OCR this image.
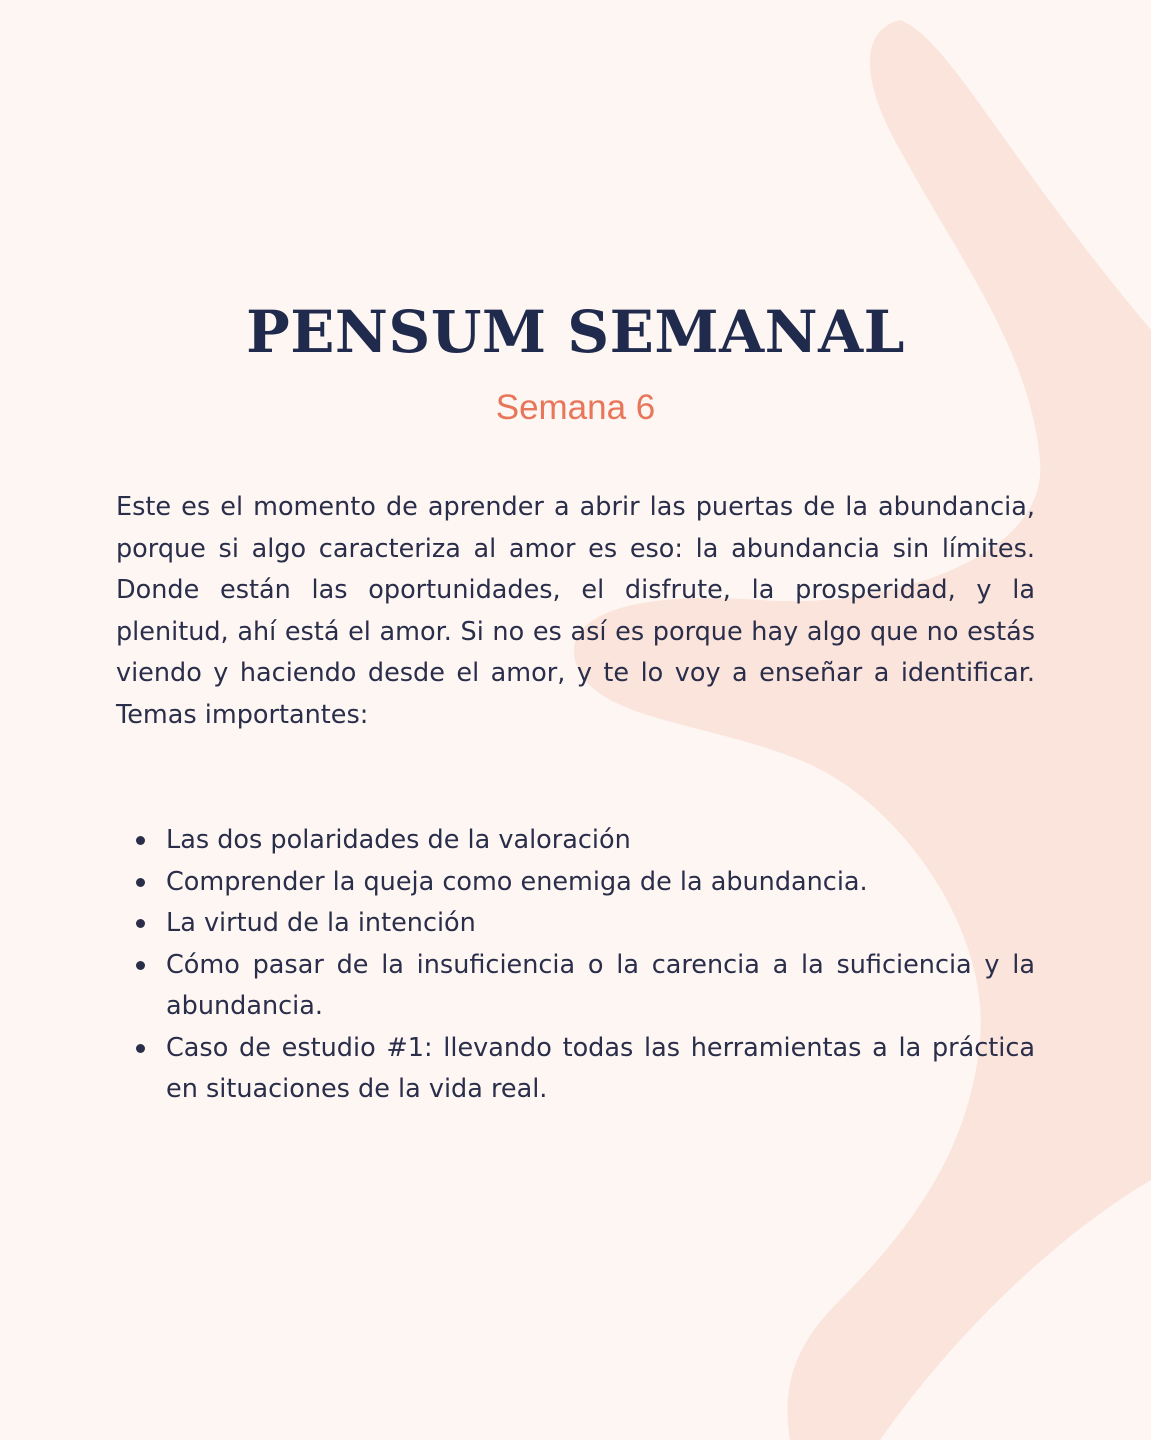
PENSUM SEMANAL
Semana 6

Este es el momento de aprender a abrir las puertas de la abundancia, porque si algo caracteriza al amor es eso: la abundancia sin límites. Donde están las oportunidades, el disfrute, la prosperidad, y la plenitud, ahí está el amor. Si no es así es porque hay algo que no estás viendo y haciendo desde el amor, y te lo voy a enseñar a identificar. Temas importantes:

Las dos polaridades de la valoración
Comprender la queja como enemiga de la abundancia.
La virtud de la intención
Cómo pasar de la insuficiencia o la carencia a la suficiencia y la abundancia.
Caso de estudio #1: llevando todas las herramientas a la práctica en situaciones de la vida real.
